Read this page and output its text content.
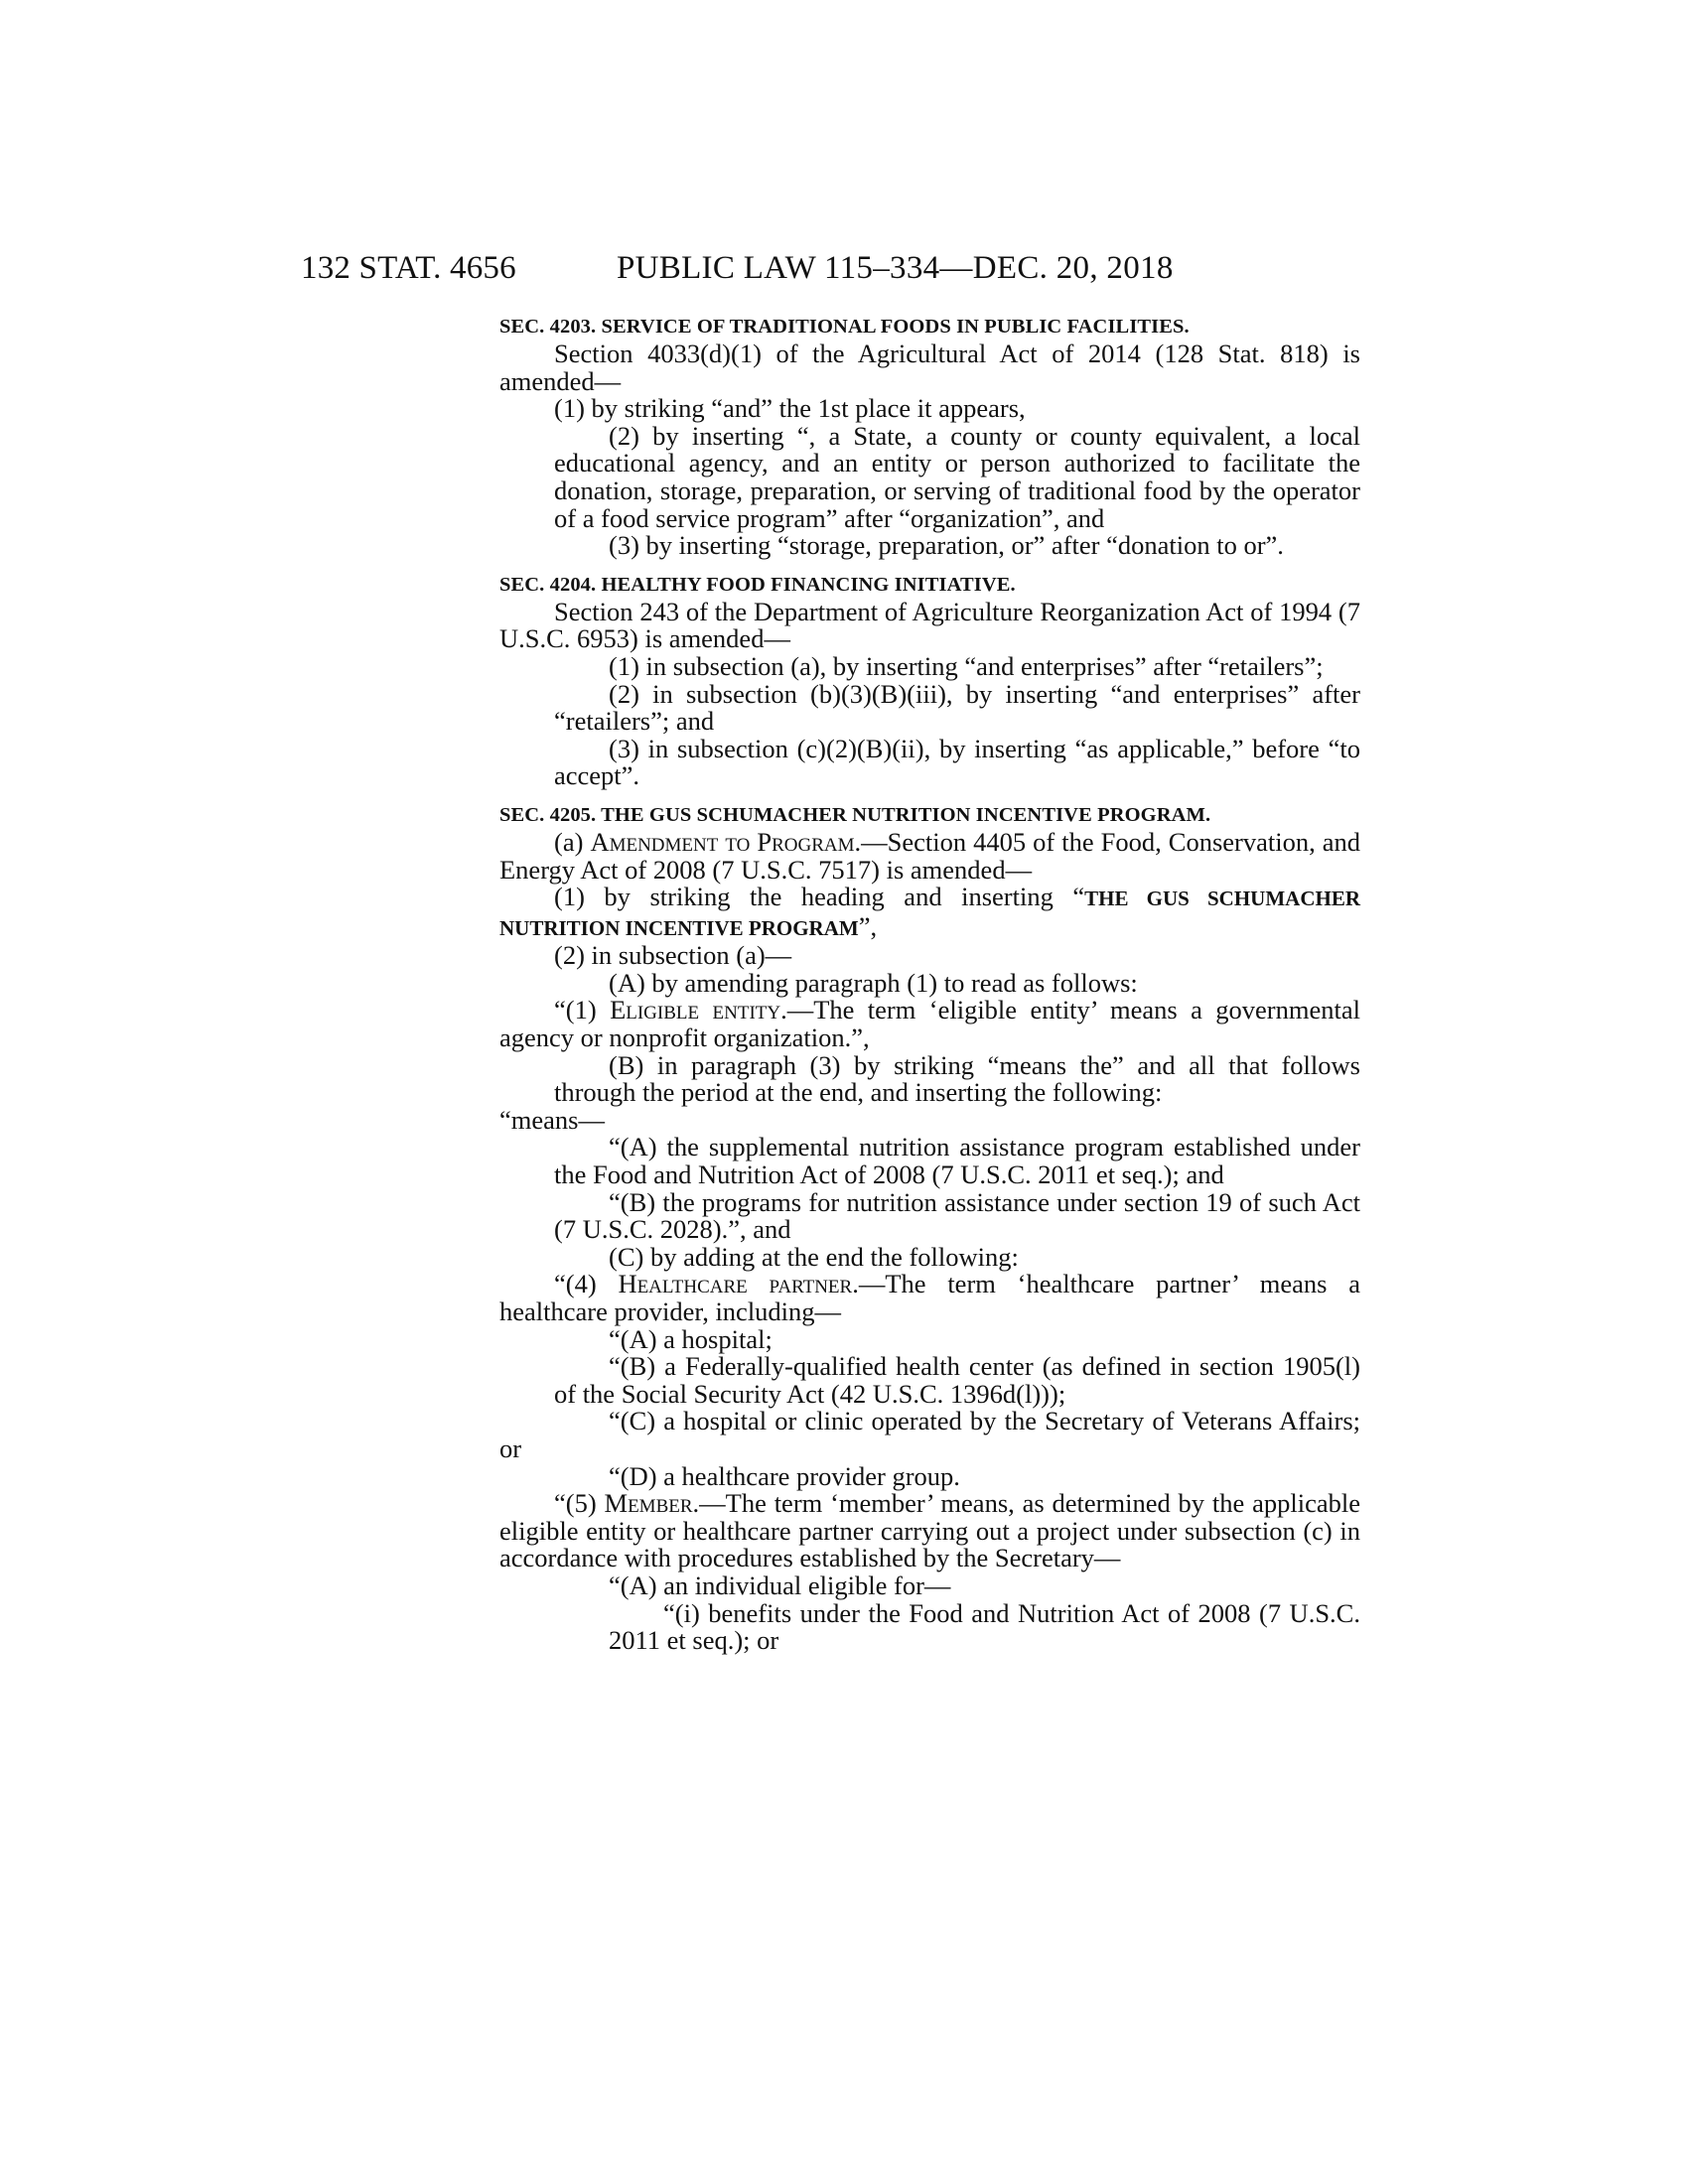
132 STAT. 4656	PUBLIC LAW 115–334—DEC. 20, 2018
SEC. 4203. SERVICE OF TRADITIONAL FOODS IN PUBLIC FACILITIES.
Section 4033(d)(1) of the Agricultural Act of 2014 (128 Stat. 818) is amended—
(1) by striking “and” the 1st place it appears,
(2) by inserting “, a State, a county or county equivalent, a local educational agency, and an entity or person authorized to facilitate the donation, storage, preparation, or serving of traditional food by the operator of a food service program” after “organization”, and
(3) by inserting “storage, preparation, or” after “donation to or”.
SEC. 4204. HEALTHY FOOD FINANCING INITIATIVE.
Section 243 of the Department of Agriculture Reorganization Act of 1994 (7 U.S.C. 6953) is amended—
(1) in subsection (a), by inserting “and enterprises” after “retailers”;
(2) in subsection (b)(3)(B)(iii), by inserting “and enterprises” after “retailers”; and
(3) in subsection (c)(2)(B)(ii), by inserting “as applicable,” before “to accept”.
SEC. 4205. THE GUS SCHUMACHER NUTRITION INCENTIVE PROGRAM.
(a) Amendment to Program.—Section 4405 of the Food, Conservation, and Energy Act of 2008 (7 U.S.C. 7517) is amended—
(1) by striking the heading and inserting “THE GUS SCHUMACHER NUTRITION INCENTIVE PROGRAM”,
(2) in subsection (a)—
(A) by amending paragraph (1) to read as follows:
“(1) Eligible entity.—The term ‘eligible entity’ means a governmental agency or nonprofit organization.”,
(B) in paragraph (3) by striking “means the” and all that follows through the period at the end, and inserting the following:
“means—
“(A) the supplemental nutrition assistance program established under the Food and Nutrition Act of 2008 (7 U.S.C. 2011 et seq.); and
“(B) the programs for nutrition assistance under section 19 of such Act (7 U.S.C. 2028).”, and
(C) by adding at the end the following:
“(4) Healthcare partner.—The term ‘healthcare partner’ means a healthcare provider, including—
“(A) a hospital;
“(B) a Federally-qualified health center (as defined in section 1905(l) of the Social Security Act (42 U.S.C. 1396d(l)));
“(C) a hospital or clinic operated by the Secretary of Veterans Affairs; or
“(D) a healthcare provider group.
“(5) Member.—The term ‘member’ means, as determined by the applicable eligible entity or healthcare partner carrying out a project under subsection (c) in accordance with procedures established by the Secretary—
“(A) an individual eligible for—
“(i) benefits under the Food and Nutrition Act of 2008 (7 U.S.C. 2011 et seq.); or
